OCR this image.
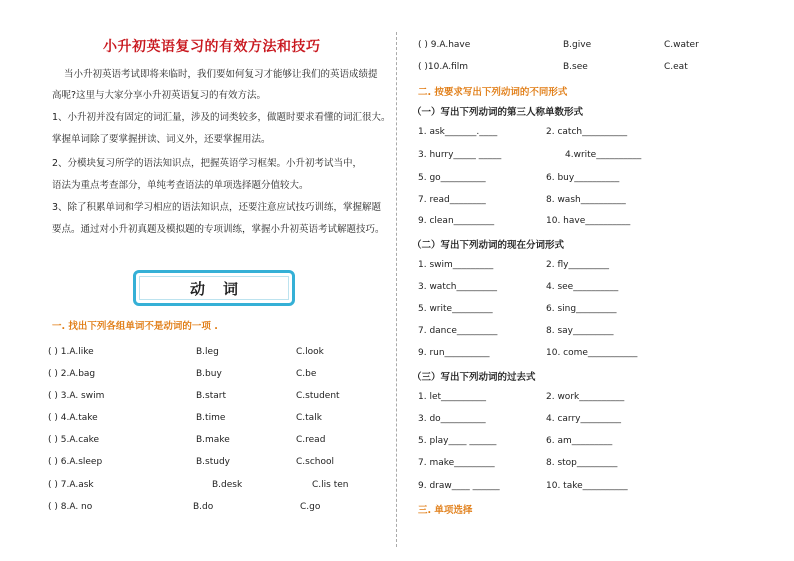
小升初英语复习的有效方法和技巧
当小升初英语考试即将来临时，我们要如何复习才能够让我们的英语成绩提
高呢?这里与大家分享小升初英语复习的有效方法。
1、小升初并没有固定的词汇量，涉及的词类较多，做题时要求看懂的词汇很大。
掌握单词除了要掌握拼读、词义外，还要掌握用法。
2、分模块复习所学的语法知识点，把握英语学习框架。小升初考试当中，
语法为重点考查部分，单纯考查语法的单项选择题分值较大。
3、除了积累单词和学习相应的语法知识点，还要注意应试技巧训练，掌握解题
要点。通过对小升初真题及模拟题的专项训练，掌握小升初英语考试解题技巧。
动词
一. 找出下列各组单词不是动词的一项 .
( ) 1.A.like	B.leg	C.look
( ) 2.A.bag	B.buy	C.be
( ) 3.A. swim	B.start	C.student
( ) 4.A.take	B.time	C.talk
( ) 5.A.cake	B.make	C.read
( ) 6.A.sleep	B.study	C.school
( ) 7.A.ask	B.desk	C.lis ten
( ) 8.A. no	B.do	C.go
( ) 9.A.have	B.give	C.water
( )10.A.film	B.see	C.eat
二. 按要求写出下列动词的不同形式
（一）写出下列动词的第三人称单数形式
1. ask_______.____	2. catch__________
3. hurry_____ _____	4.write__________
5. go__________	6. buy__________
7. read________	8. wash__________
9. clean_________	10. have__________
（二）写出下列动词的现在分词形式
1. swim_________	2. fly_________
3. watch_________	4. see__________
5. write_________	6. sing_________
7. dance_________	8. say_________
9. run__________	10. come___________
（三）写出下列动词的过去式
1. let__________	2. work__________
3. do__________	4. carry_________
5. play____ ______	6. am_________
7. make_________	8. stop_________
9. draw____ ______	10. take__________
三. 单项选择
